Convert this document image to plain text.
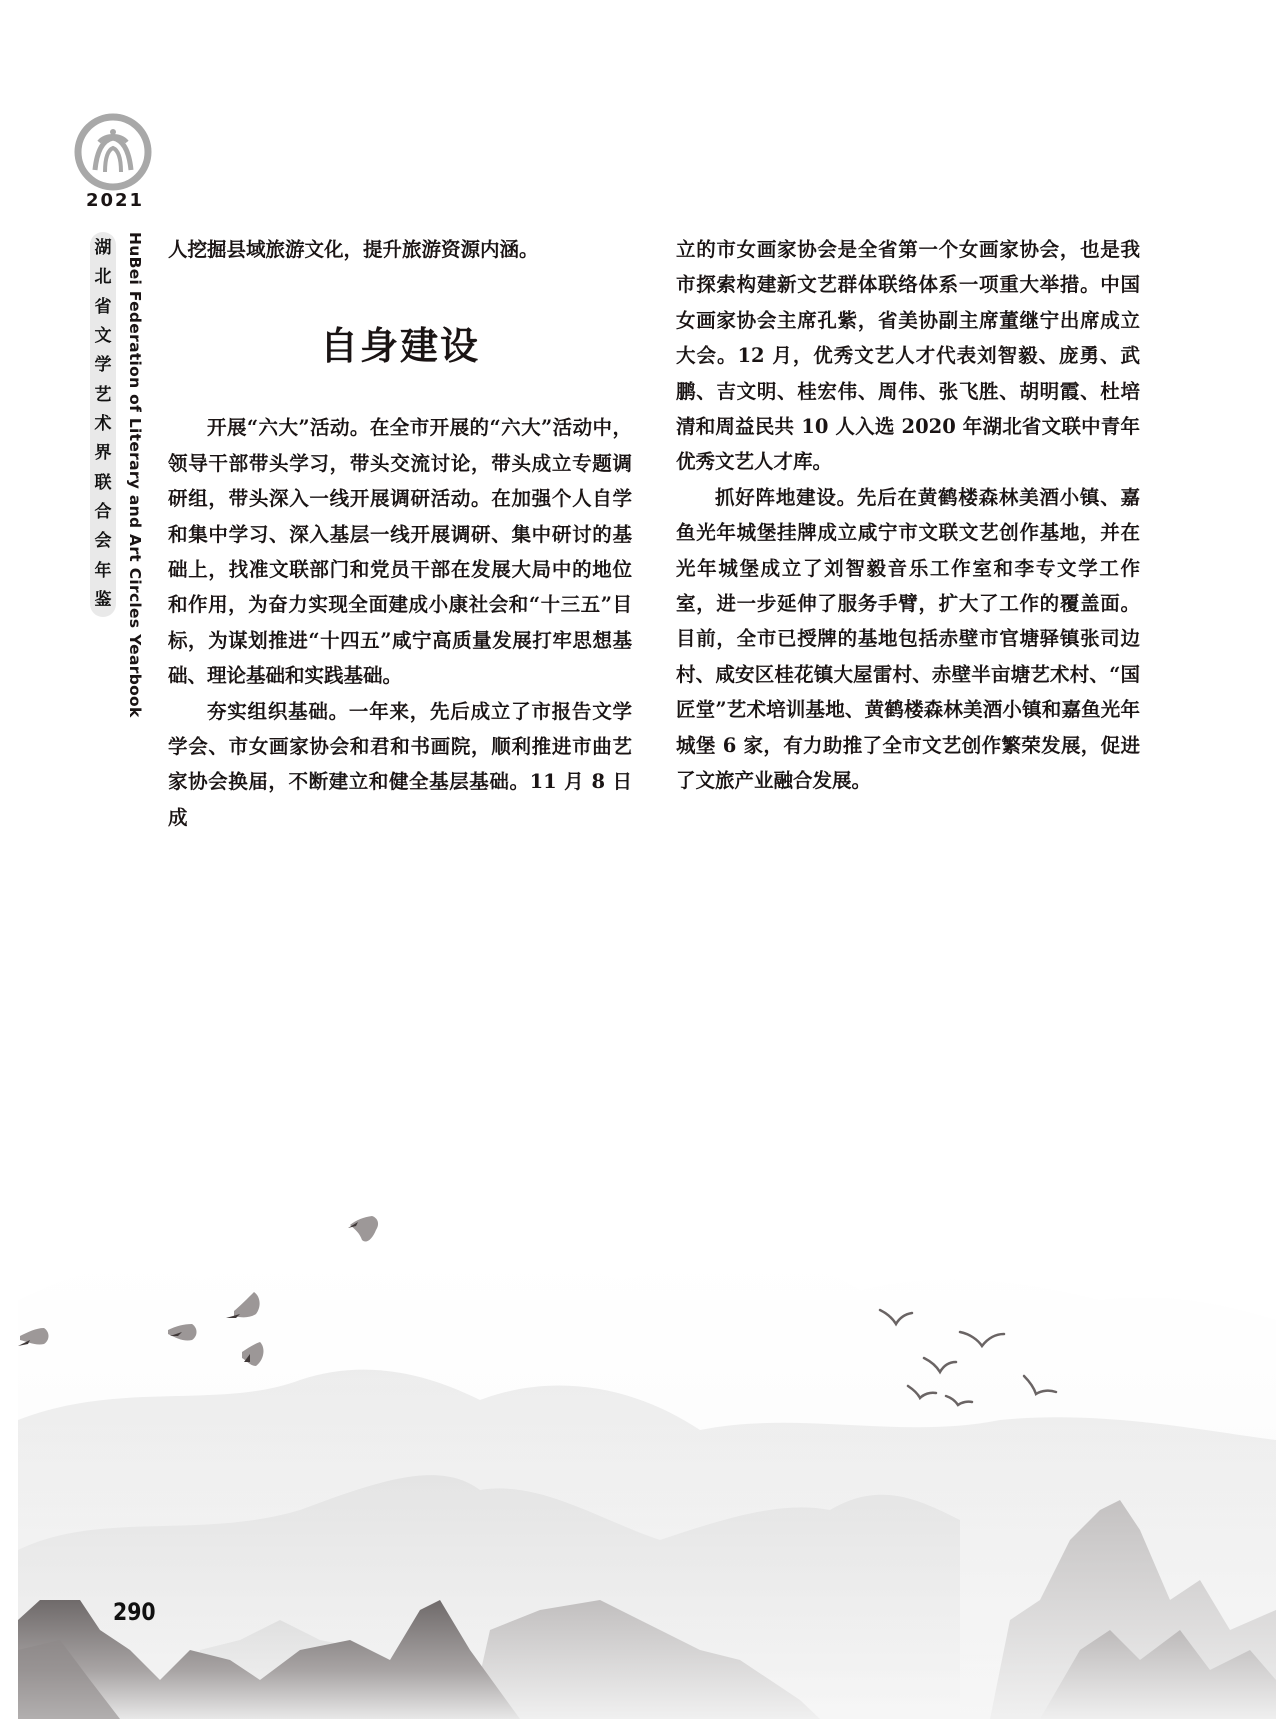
2021
湖
北
省
文
学
艺
术
界
联
合
会
年
鉴 HuBei Federation of Literary and Art Circles Yearbook 人挖掘县域旅游文化，提升旅游资源内涵。

自身建设

开展“六大”活动。在全市开展的“六大”活动中，领导干部带头学习，带头交流讨论，带头成立专题调研组，带头深入一线开展调研活动。在加强个人自学和集中学习、深入基层一线开展调研、集中研讨的基础上，找准文联部门和党员干部在发展大局中的地位和作用，为奋力实现全面建成小康社会和“十三五”目标，为谋划推进“十四五”咸宁高质量发展打牢思想基础、理论基础和实践基础。

夯实组织基础。一年来，先后成立了市报告文学学会、市女画家协会和君和书画院，顺利推进市曲艺家协会换届，不断建立和健全基层基础。11 月 8 日成

立的市女画家协会是全省第一个女画家协会，也是我市探索构建新文艺群体联络体系一项重大举措。中国女画家协会主席孔紫，省美协副主席董继宁出席成立大会。12 月，优秀文艺人才代表刘智毅、庞勇、武鹏、吉文明、桂宏伟、周伟、张飞胜、胡明霞、杜培清和周益民共 10 人入选 2020 年湖北省文联中青年优秀文艺人才库。

抓好阵地建设。先后在黄鹤楼森林美酒小镇、嘉鱼光年城堡挂牌成立咸宁市文联文艺创作基地，并在光年城堡成立了刘智毅音乐工作室和李专文学工作室，进一步延伸了服务手臂，扩大了工作的覆盖面。目前，全市已授牌的基地包括赤壁市官塘驿镇张司边村、咸安区桂花镇大屋雷村、赤壁半亩塘艺术村、“国匠堂”艺术培训基地、黄鹤楼森林美酒小镇和嘉鱼光年城堡 6 家，有力助推了全市文艺创作繁荣发展，促进了文旅产业融合发展。

290
